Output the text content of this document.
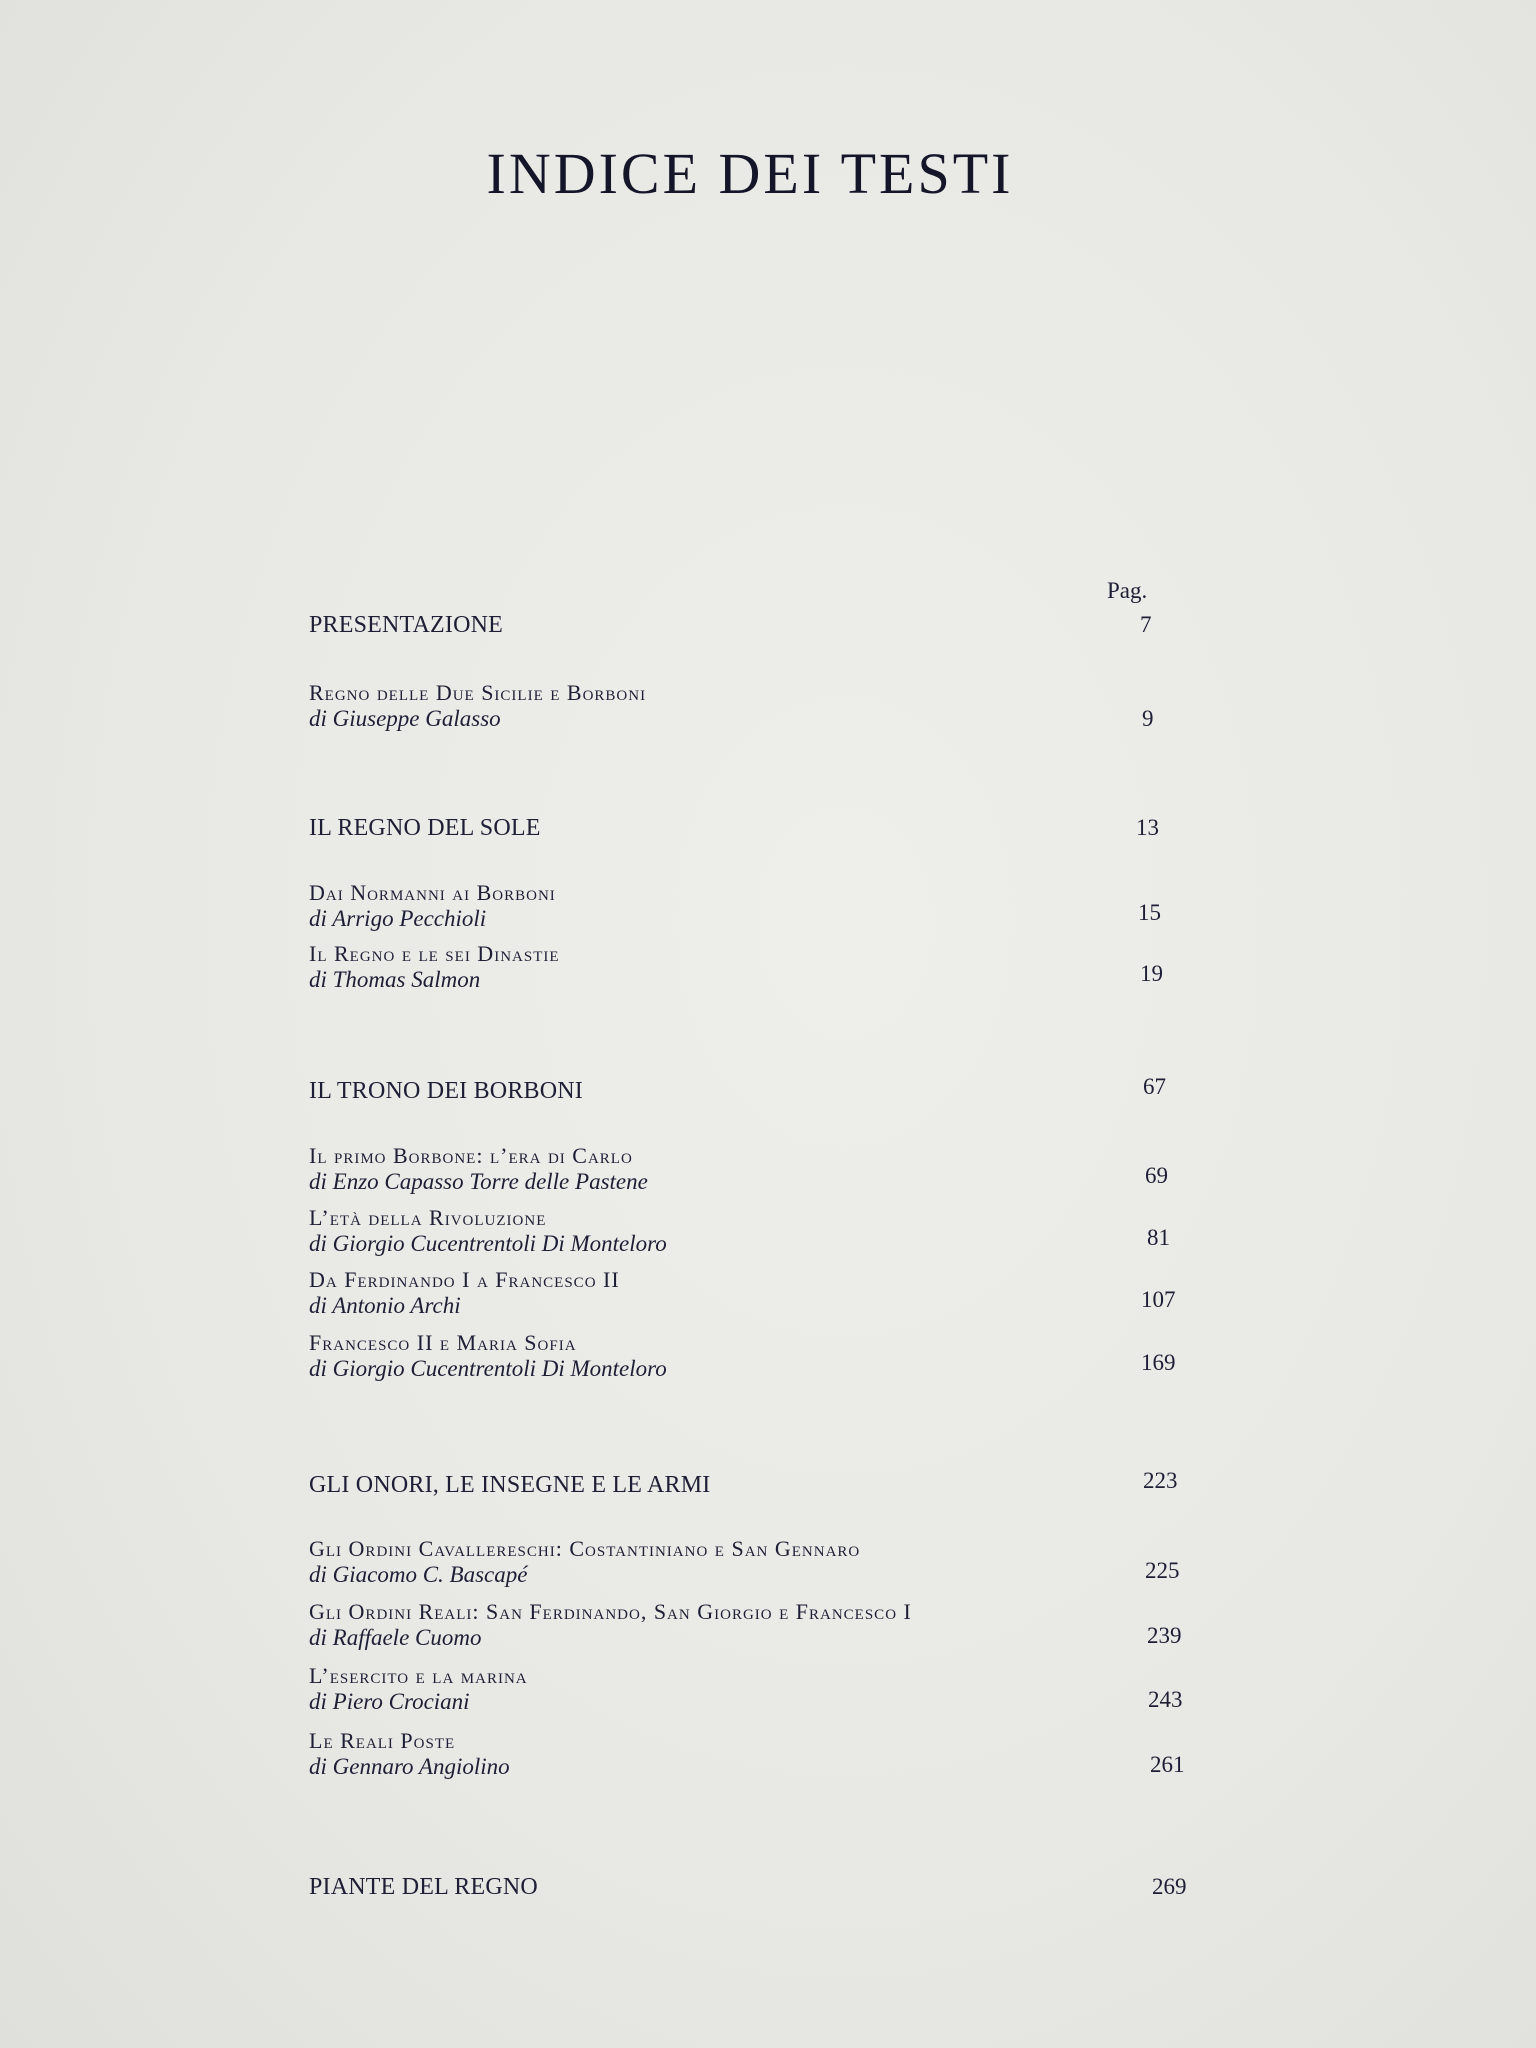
INDICE DEI TESTI
Pag.
PRESENTAZIONE	7
Regno delle Due Sicilie e Borboni
di Giuseppe Galasso	9
IL REGNO DEL SOLE	13
Dai Normanni ai Borboni
di Arrigo Pecchioli	15
Il Regno e le sei Dinastie
di Thomas Salmon	19
IL TRONO DEI BORBONI	67
Il primo Borbone: l’era di Carlo
di Enzo Capasso Torre delle Pastene	69
L’età della Rivoluzione
di Giorgio Cucentrentoli Di Monteloro	81
Da Ferdinando I a Francesco II
di Antonio Archi	107
Francesco II e Maria Sofia
di Giorgio Cucentrentoli Di Monteloro	169
GLI ONORI, LE INSEGNE E LE ARMI	223
Gli Ordini Cavallereschi: Costantiniano e San Gennaro
di Giacomo C. Bascapé	225
Gli Ordini Reali: San Ferdinando, San Giorgio e Francesco I
di Raffaele Cuomo	239
L’esercito e la marina
di Piero Crociani	243
Le Reali Poste
di Gennaro Angiolino	261
PIANTE DEL REGNO	269
